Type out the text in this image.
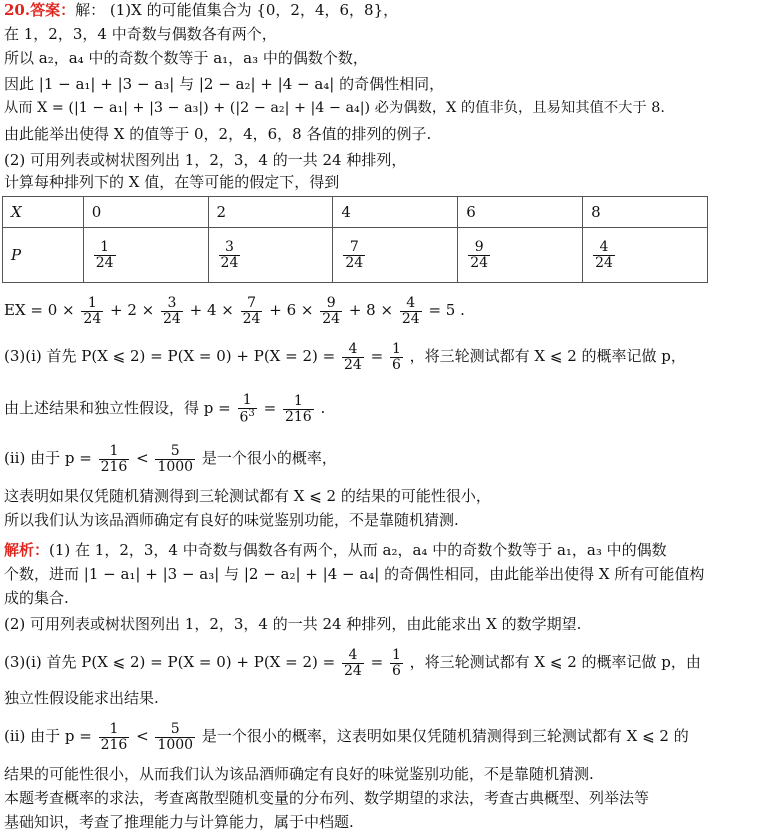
20.答案：解： (1)X 的可能值集合为 {0，2，4，6，8}，
在 1，2，3，4 中奇数与偶数各有两个，
所以 a₂，a₄ 中的奇数个数等于 a₁，a₃ 中的偶数个数，
因此 |1 − a₁| + |3 − a₃| 与 |2 − a₂| + |4 − a₄| 的奇偶性相同，
从而 X = (|1 − a₁| + |3 − a₃|) + (|2 − a₂| + |4 − a₄|) 必为偶数，X 的值非负，且易知其值不大于 8.
由此能举出使得 X 的值等于 0，2，4，6，8 各值的排列的例子.
(2) 可用列表或树状图列出 1，2，3，4 的一共 24 种排列，
计算每种排列下的 X 值，在等可能的假定下，得到
X	0	2	4	6	8
P	$\frac{1}{24}$	$\frac{3}{24}$	$\frac{7}{24}$	$\frac{9}{24}$	$\frac{4}{24}$
EX = $0 \times \frac{1}{24} + 2 \times \frac{3}{24} + 4 \times \frac{7}{24} + 6 \times \frac{9}{24} + 8 \times \frac{4}{24} = 5$ .
(3)(i) 首先 P(X ⩽ $2) = P(X = 0) + P(X = 2) = \frac{4}{24} = \frac{1}{6}$ ，将三轮测试都有 X ⩽ 2 的概率记做 p，
由上述结果和独立性假设，得 $p = \frac{1}{6^3} = \frac{1}{216}$ .
(ii) 由于 $p = \frac{1}{216} < \frac{5}{1000}$ 是一个很小的概率，
这表明如果仅凭随机猜测得到三轮测试都有 X ⩽ 2 的结果的可能性很小，
所以我们认为该品酒师确定有良好的味觉鉴别功能，不是靠随机猜测.
解析：(1) 在 1，2，3，4 中奇数与偶数各有两个，从而 a₂，a₄ 中的奇数个数等于 a₁，a₃ 中的偶数
个数，进而 |1 − a₁| + |3 − a₃| 与 |2 − a₂| + |4 − a₄| 的奇偶性相同，由此能举出使得 X 所有可能值构
成的集合.
(2) 可用列表或树状图列出 1，2，3，4 的一共 24 种排列，由此能求出 X 的数学期望.
(3)(i) 首先 P(X ⩽ $2) = P(X = 0) + P(X = 2) = \frac{4}{24} = \frac{1}{6}$ ，将三轮测试都有 X ⩽ 2 的概率记做 p，由
独立性假设能求出结果.
(ii) 由于 $p = \frac{1}{216} < \frac{5}{1000}$ 是一个很小的概率，这表明如果仅凭随机猜测得到三轮测试都有 X ⩽ 2 的
结果的可能性很小，从而我们认为该品酒师确定有良好的味觉鉴别功能，不是靠随机猜测.
本题考查概率的求法，考查离散型随机变量的分布列、数学期望的求法，考查古典概型、列举法等
基础知识，考查了推理能力与计算能力，属于中档题.
